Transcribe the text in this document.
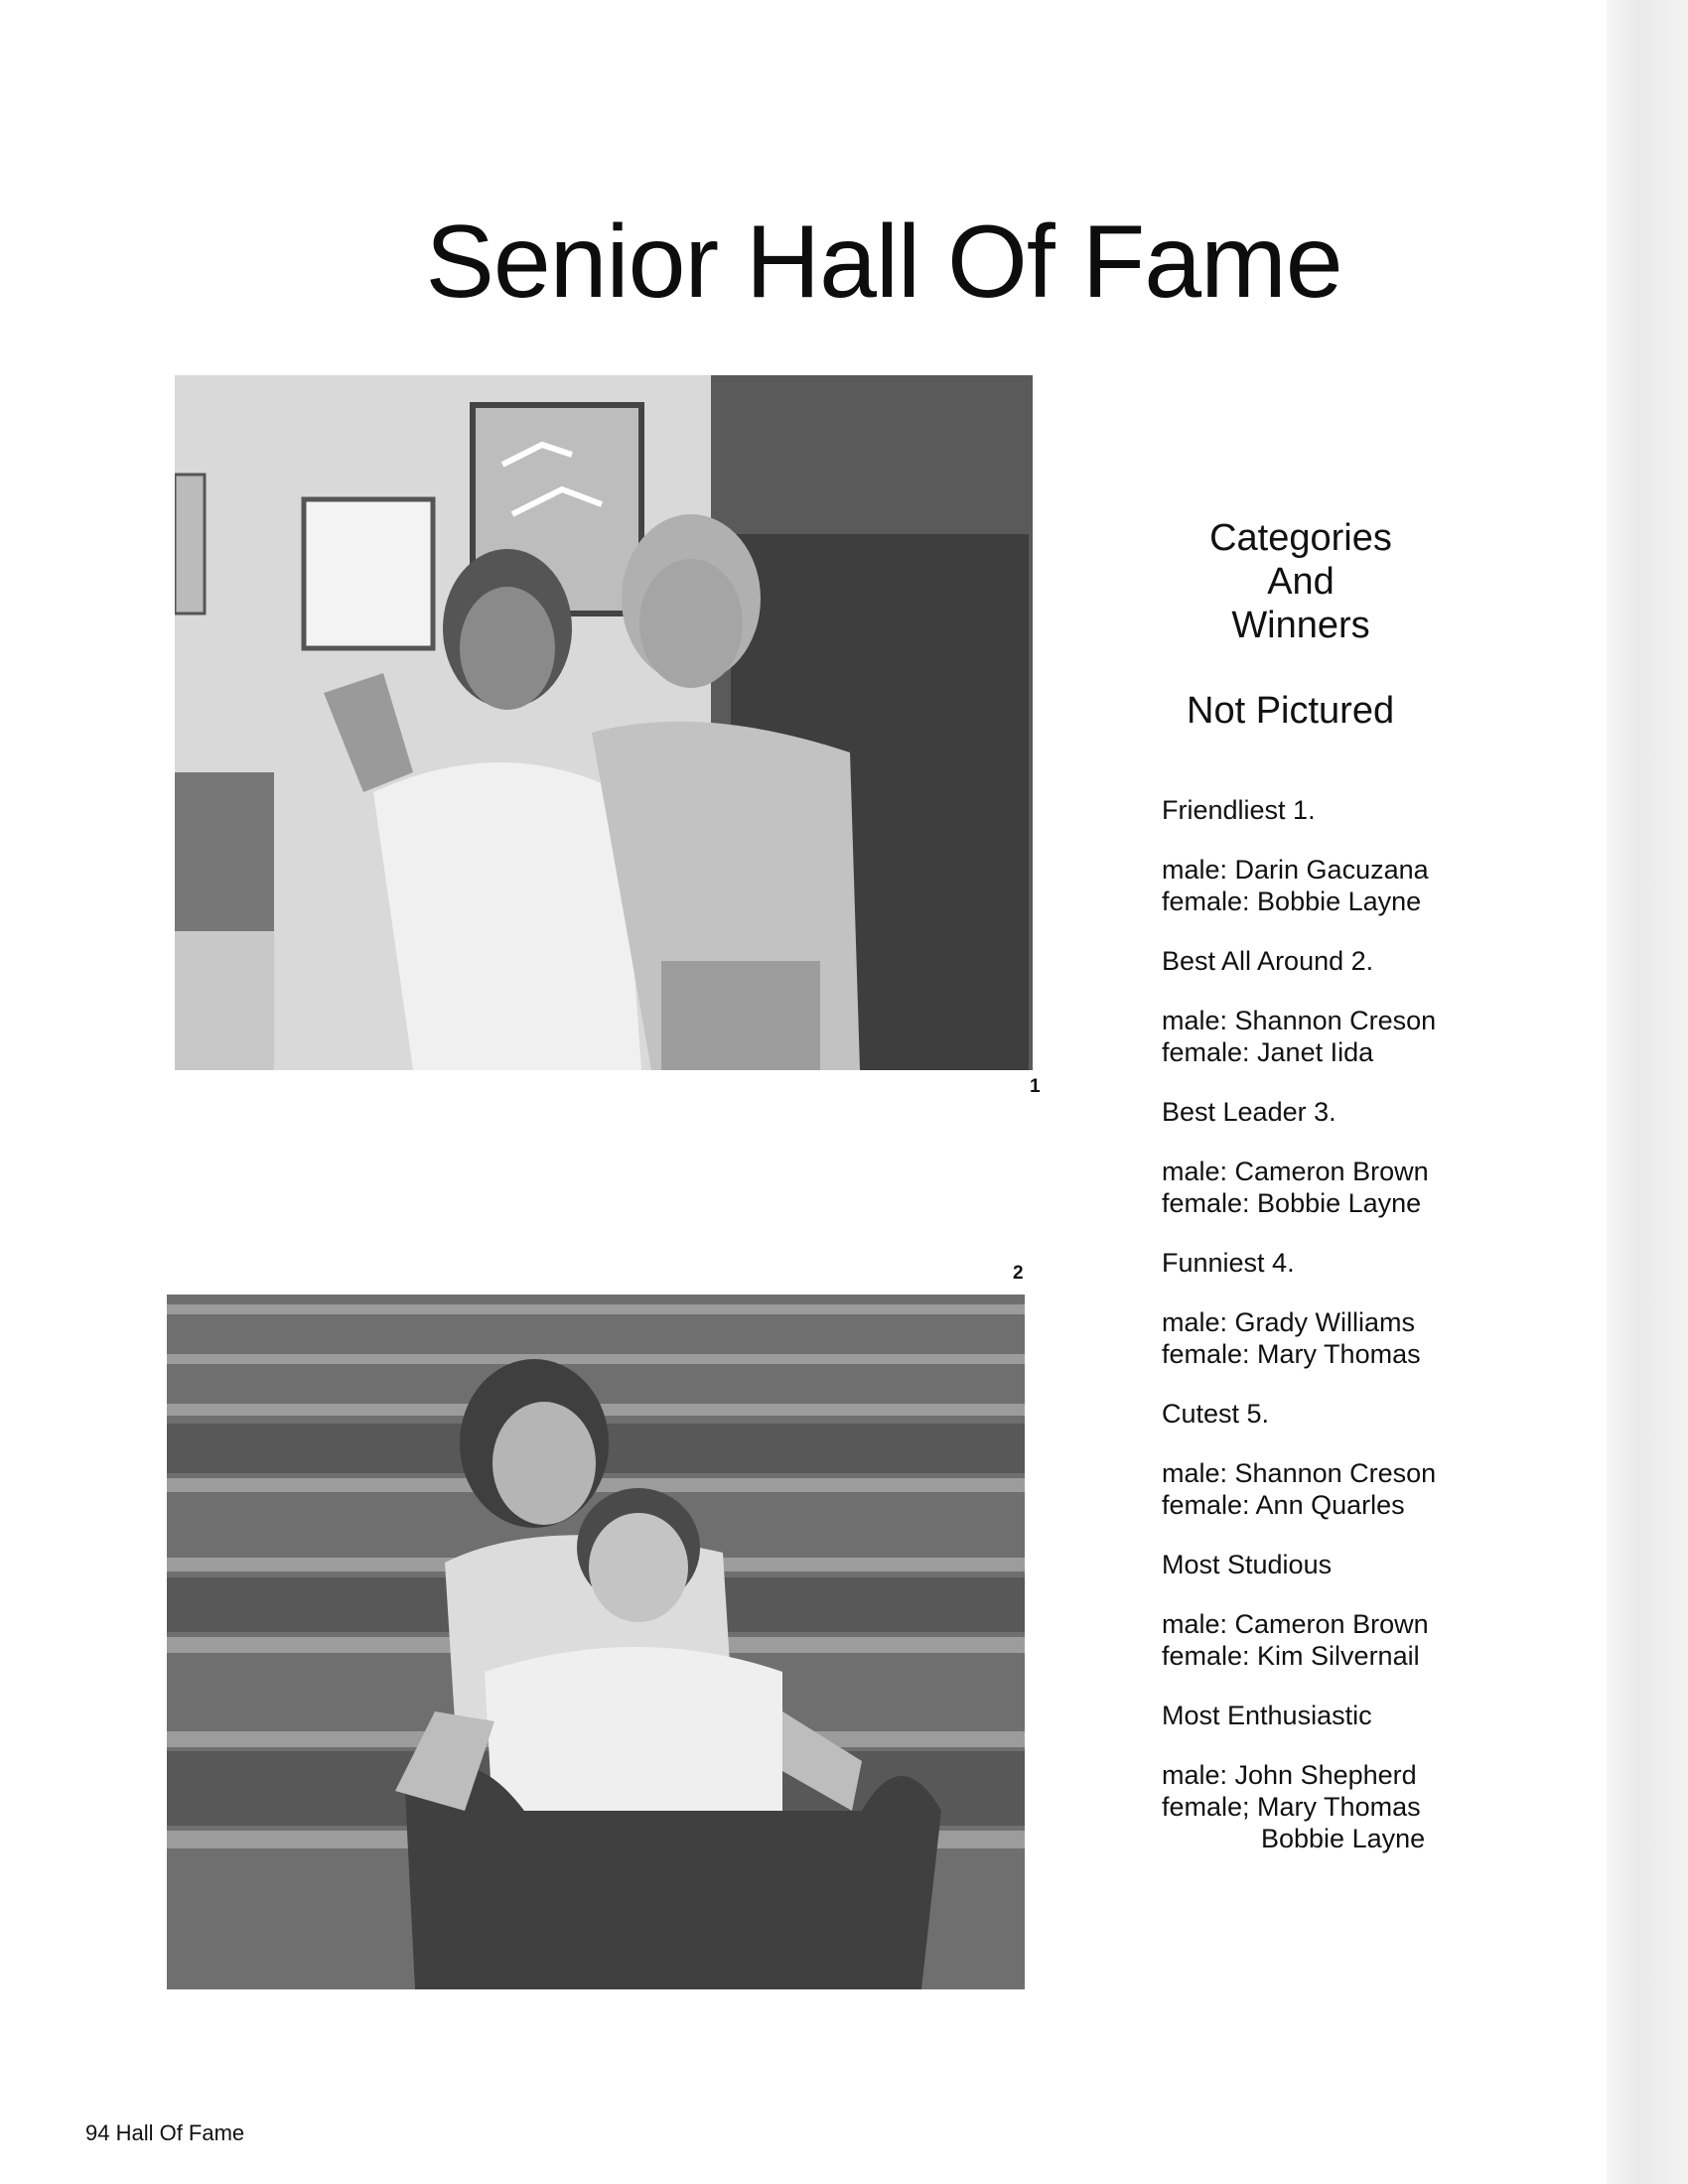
Senior Hall Of Fame
1
2
Categories
And
Winners
Not Pictured
Friendliest 1.
male: Darin Gacuzana
female: Bobbie Layne
Best All Around 2.
male: Shannon Creson
female: Janet Iida
Best Leader 3.
male: Cameron Brown
female: Bobbie Layne
Funniest 4.
male: Grady Williams
female: Mary Thomas
Cutest 5.
male: Shannon Creson
female: Ann Quarles
Most Studious
male: Cameron Brown
female: Kim Silvernail
Most Enthusiastic
male: John Shepherd
female; Mary Thomas
Bobbie Layne
94 Hall Of Fame
